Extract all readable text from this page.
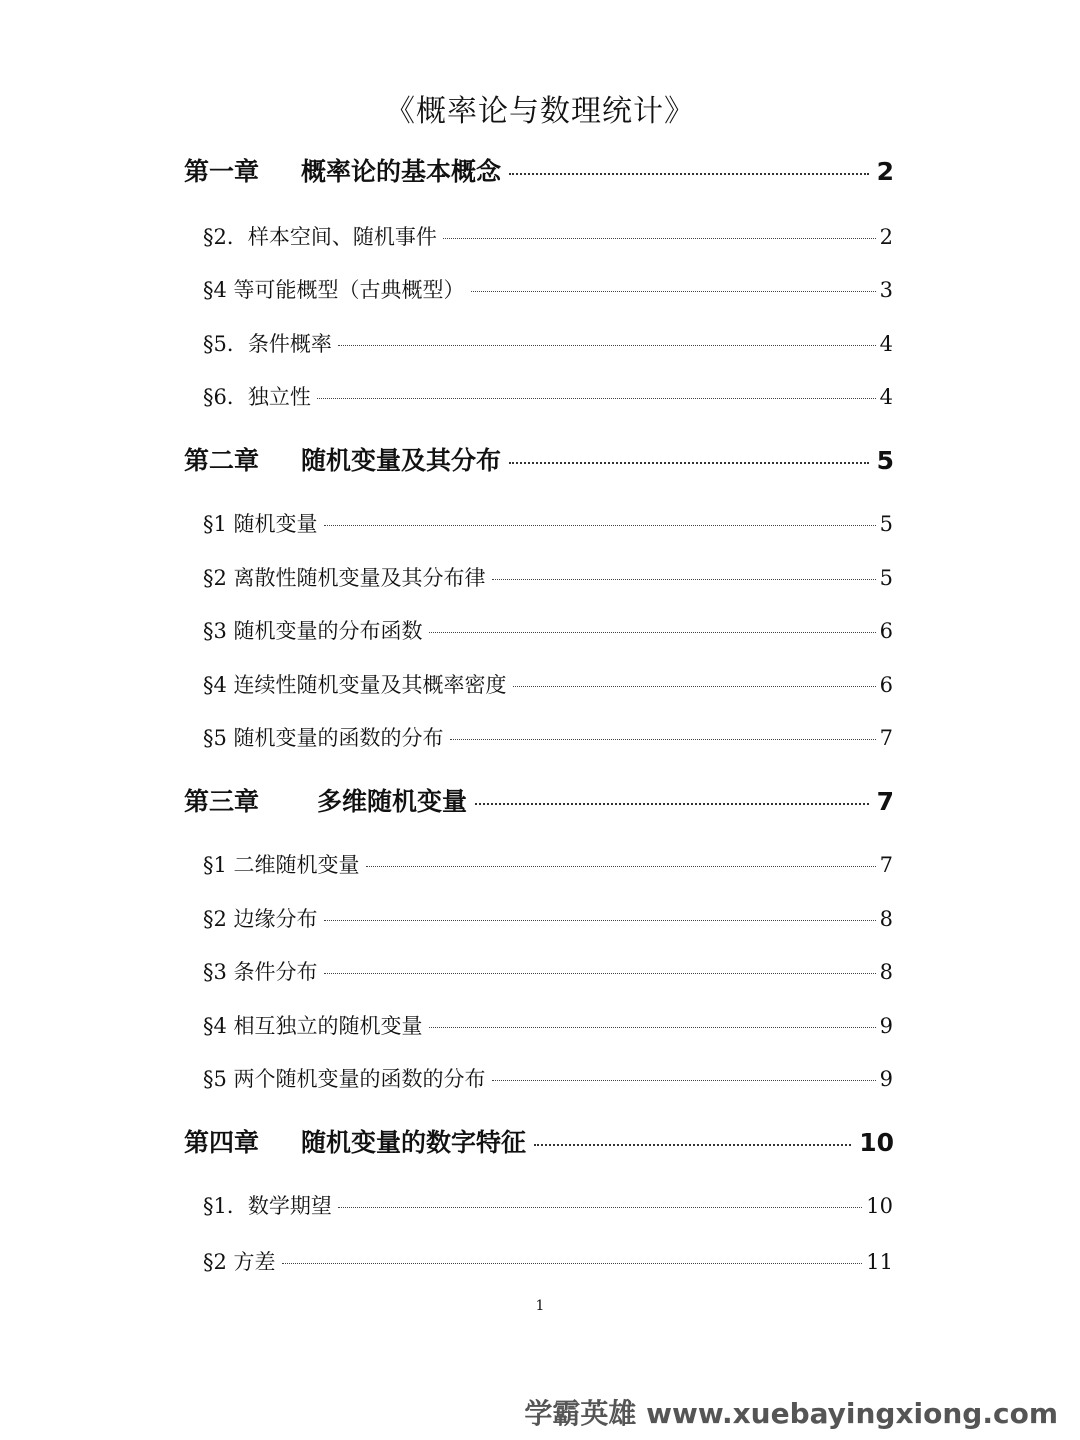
《概率论与数理统计》
第一章 概率论的基本概念	2
§2．样本空间、随机事件	2
§4 等可能概型（古典概型）	3
§5．条件概率	4
§6．独立性	4
第二章 随机变量及其分布	5
§1 随机变量	5
§2 离散性随机变量及其分布律	5
§3 随机变量的分布函数	6
§4 连续性随机变量及其概率密度	6
§5 随机变量的函数的分布	7
第三章 多维随机变量	7
§1 二维随机变量	7
§2 边缘分布	8
§3 条件分布	8
§4 相互独立的随机变量	9
§5 两个随机变量的函数的分布	9
第四章 随机变量的数字特征	10
§1．数学期望	10
§2 方差	11
1
学霸英雄 www.xuebayingxiong.com
